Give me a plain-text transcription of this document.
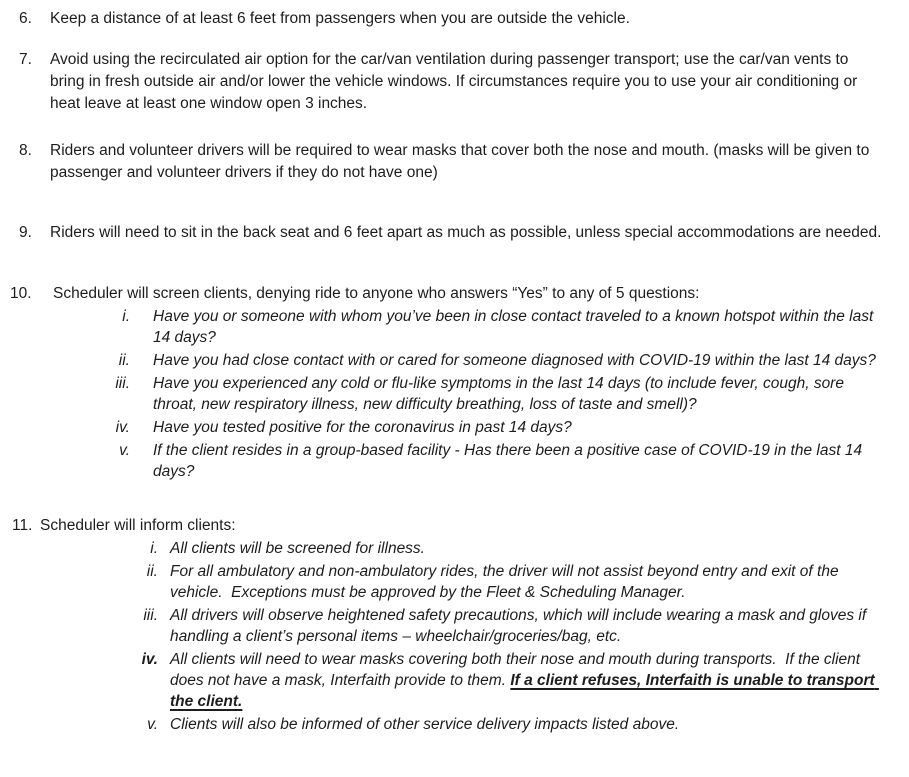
6.	Keep a distance of at least 6 feet from passengers when you are outside the vehicle.
7.	Avoid using the recirculated air option for the car/van ventilation during passenger transport; use the car/van vents to bring in fresh outside air and/or lower the vehicle windows. If circumstances require you to use your air conditioning or heat leave at least one window open 3 inches.
8.	Riders and volunteer drivers will be required to wear masks that cover both the nose and mouth. (masks will be given to passenger and volunteer drivers if they do not have one)
9.	Riders will need to sit in the back seat and 6 feet apart as much as possible, unless special accommodations are needed.
10.	Scheduler will screen clients, denying ride to anyone who answers “Yes” to any of 5 questions:
i. Have you or someone with whom you’ve been in close contact traveled to a known hotspot within the last 14 days?
ii. Have you had close contact with or cared for someone diagnosed with COVID-19 within the last 14 days?
iii. Have you experienced any cold or flu-like symptoms in the last 14 days (to include fever, cough, sore throat, new respiratory illness, new difficulty breathing, loss of taste and smell)?
iv. Have you tested positive for the coronavirus in past 14 days?
v. If the client resides in a group-based facility - Has there been a positive case of COVID-19 in the last 14 days?
11. Scheduler will inform clients:
i. All clients will be screened for illness.
ii. For all ambulatory and non-ambulatory rides, the driver will not assist beyond entry and exit of the vehicle.  Exceptions must be approved by the Fleet & Scheduling Manager.
iii. All drivers will observe heightened safety precautions, which will include wearing a mask and gloves if handling a client’s personal items – wheelchair/groceries/bag, etc.
iv. All clients will need to wear masks covering both their nose and mouth during transports.  If the client does not have a mask, Interfaith provide to them. If a client refuses, Interfaith is unable to transport the client.
v. Clients will also be informed of other service delivery impacts listed above.
